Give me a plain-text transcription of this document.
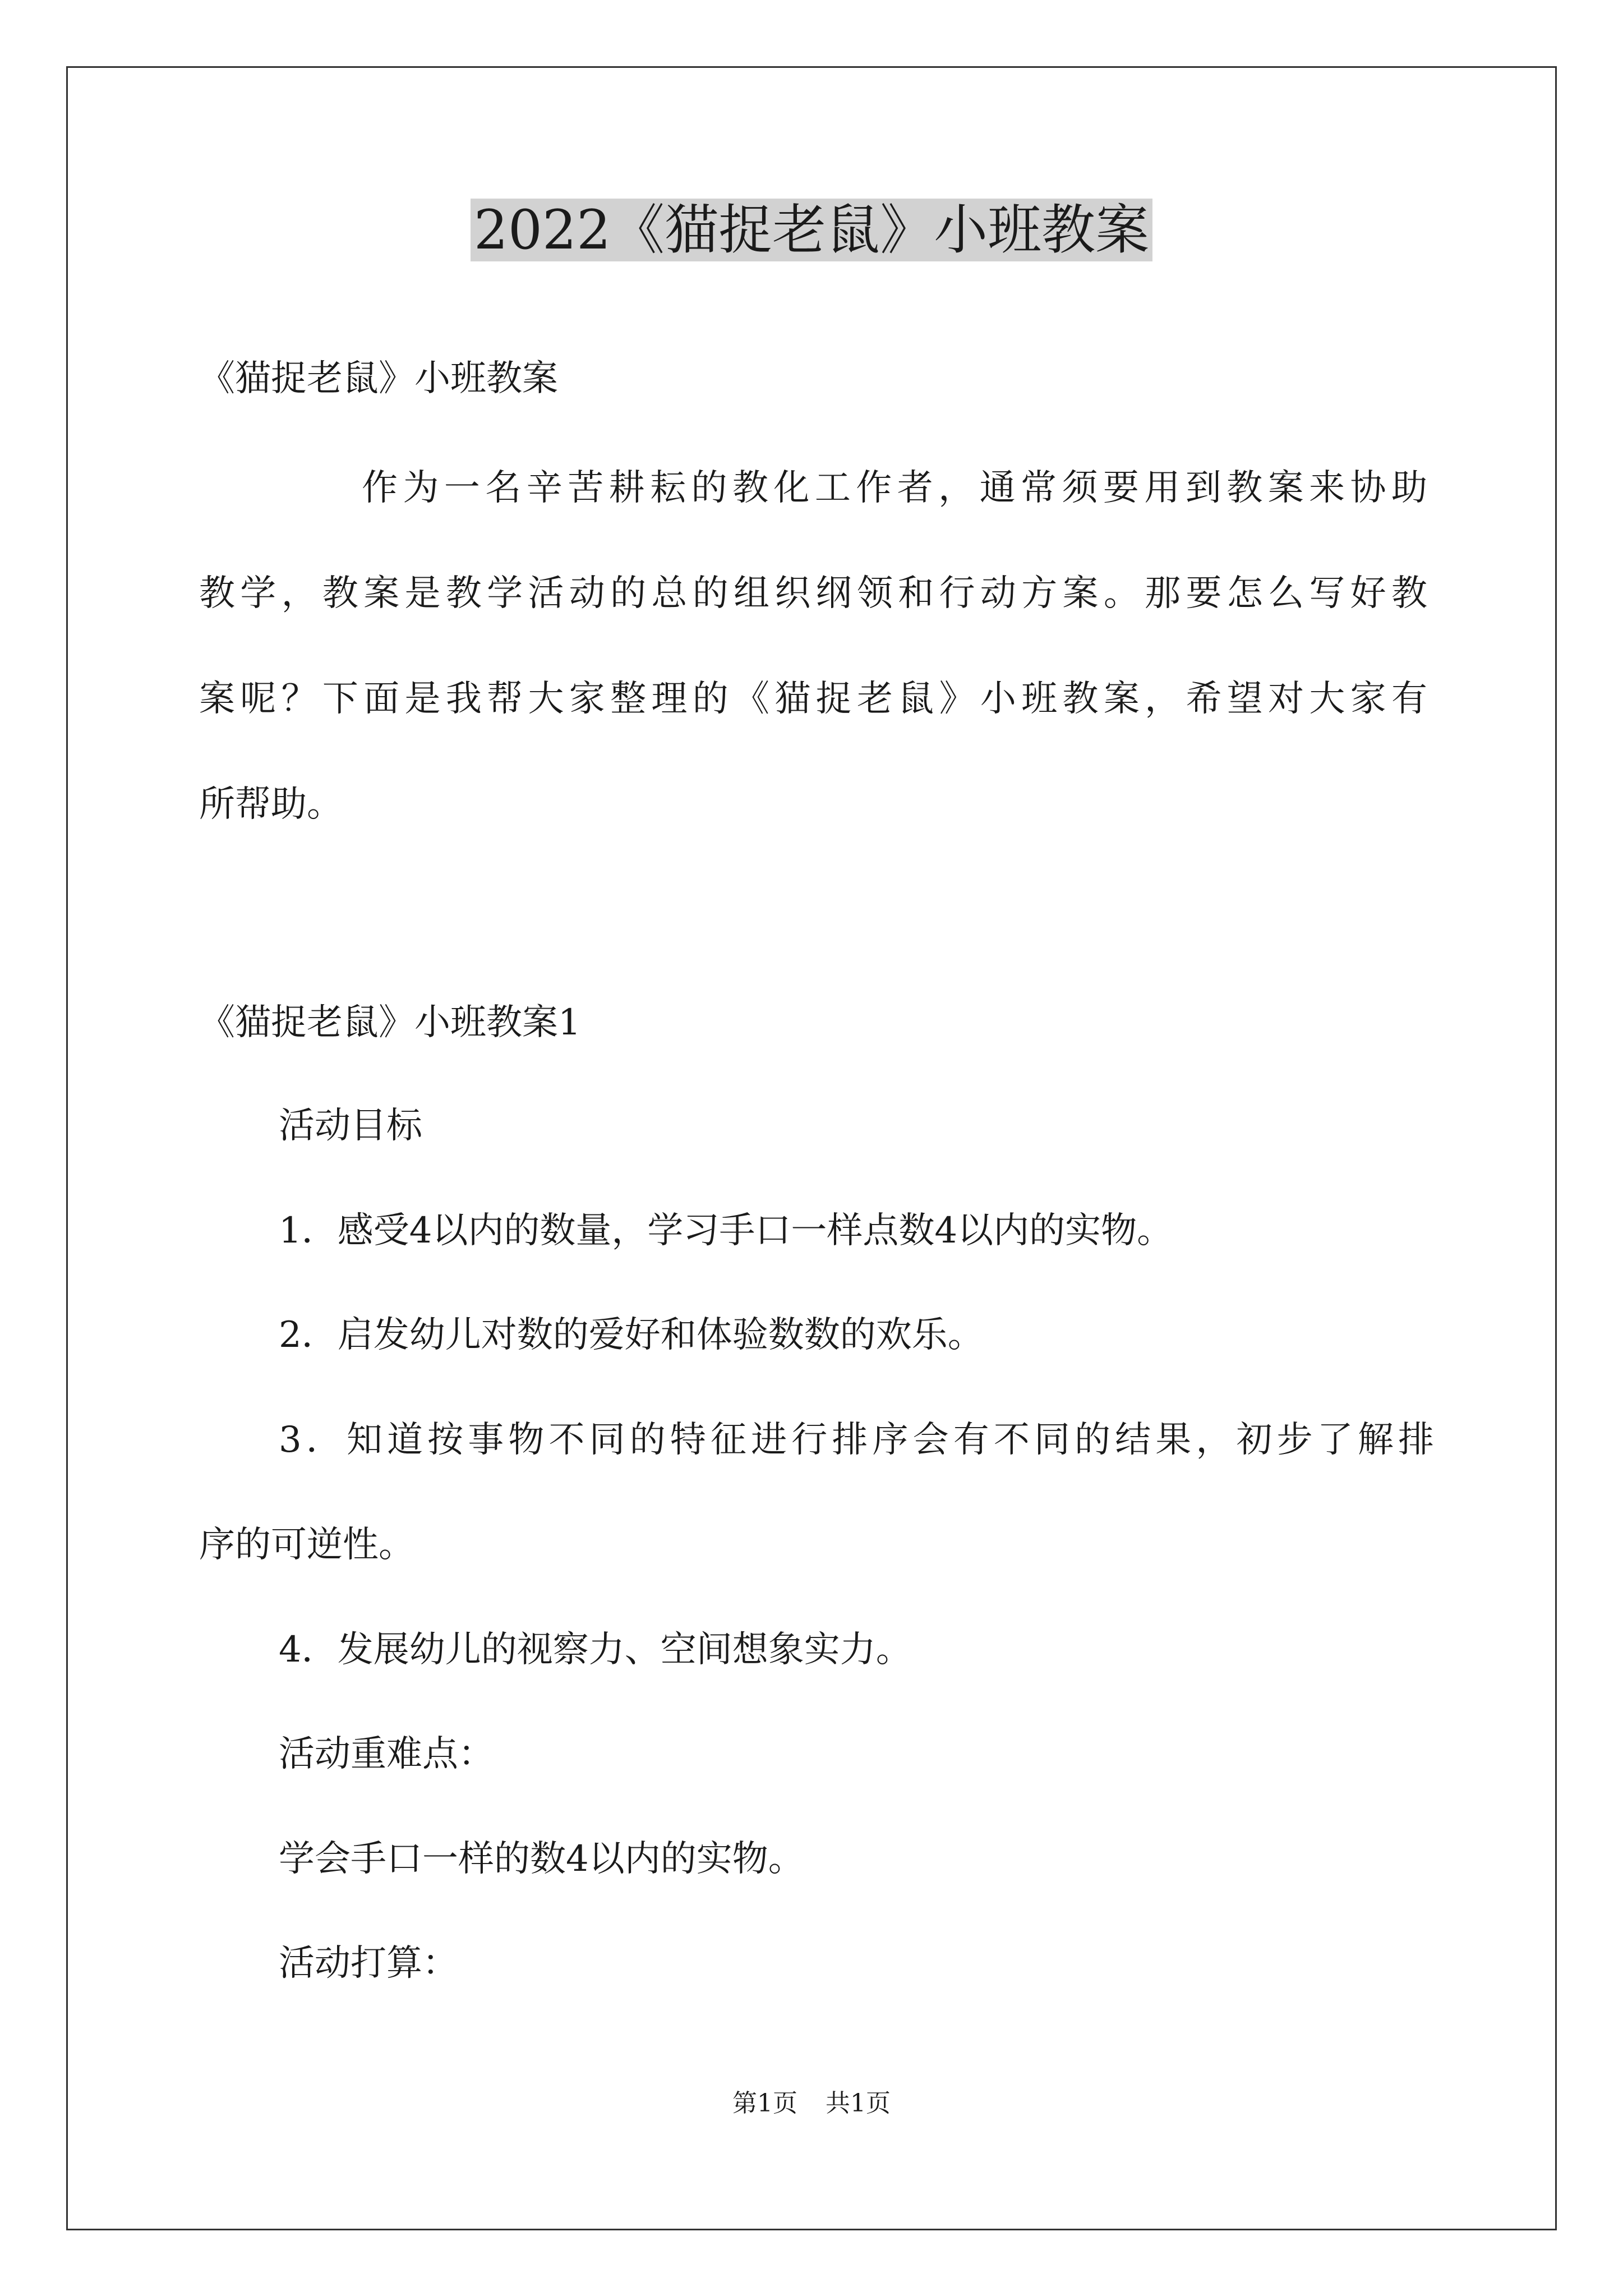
2022《猫捉老鼠》小班教案

《猫捉老鼠》小班教案

作为一名辛苦耕耘的教化工作者，通常须要用到教案来协助

教学，教案是教学活动的总的组织纲领和行动方案。那要怎么写好教

案呢？下面是我帮大家整理的《猫捉老鼠》小班教案，希望对大家有

所帮助。

《猫捉老鼠》小班教案1

活动目标

1．感受4以内的数量，学习手口一样点数4以内的实物。

2．启发幼儿对数的爱好和体验数数的欢乐。

3．知道按事物不同的特征进行排序会有不同的结果，初步了解排

序的可逆性。

4．发展幼儿的视察力、空间想象实力。

活动重难点：

学会手口一样的数4以内的实物。

活动打算：

第1页 共1页
